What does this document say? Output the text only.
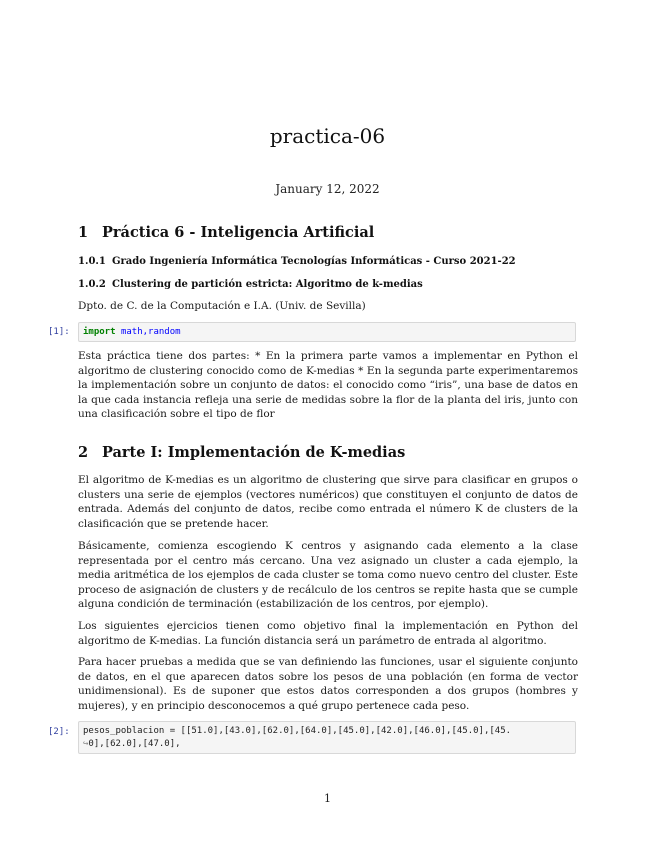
practica-06
January 12, 2022
1 Práctica 6 - Inteligencia Artificial
1.0.1 Grado Ingeniería Informática Tecnologías Informáticas - Curso 2021-22
1.0.2 Clustering de partición estricta: Algoritmo de k-medias
Dpto. de C. de la Computación e I.A. (Univ. de Sevilla)
[1]:	import math,random
Esta práctica tiene dos partes: * En la primera parte vamos a implementar en Python el algoritmo de clustering conocido como de K-medias * En la segunda parte experimentaremos la implementación sobre un conjunto de datos: el conocido como “iris”, una base de datos en la que cada instancia refleja una serie de medidas sobre la flor de la planta del iris, junto con una clasificación sobre el tipo de flor
2 Parte I: Implementación de K-medias
El algoritmo de K-medias es un algoritmo de clustering que sirve para clasificar en grupos o clusters una serie de ejemplos (vectores numéricos) que constituyen el conjunto de datos de entrada. Además del conjunto de datos, recibe como entrada el número K de clusters de la clasificación que se pretende hacer.
Básicamente, comienza escogiendo K centros y asignando cada elemento a la clase representada por el centro más cercano. Una vez asignado un cluster a cada ejemplo, la media aritmética de los ejemplos de cada cluster se toma como nuevo centro del cluster. Este proceso de asignación de clusters y de recálculo de los centros se repite hasta que se cumple alguna condición de terminación (estabilización de los centros, por ejemplo).
Los siguientes ejercicios tienen como objetivo final la implementación en Python del algoritmo de K-medias. La función distancia será un parámetro de entrada al algoritmo.
Para hacer pruebas a medida que se van definiendo las funciones, usar el siguiente conjunto de datos, en el que aparecen datos sobre los pesos de una población (en forma de vector unidimensional). Es de suponer que estos datos corresponden a dos grupos (hombres y mujeres), y en principio desconocemos a qué grupo pertenece cada peso.
[2]:	pesos_poblacion = [[51.0],[43.0],[62.0],[64.0],[45.0],[42.0],[46.0],[45.0],[45.
↪0],[62.0],[47.0],
1
